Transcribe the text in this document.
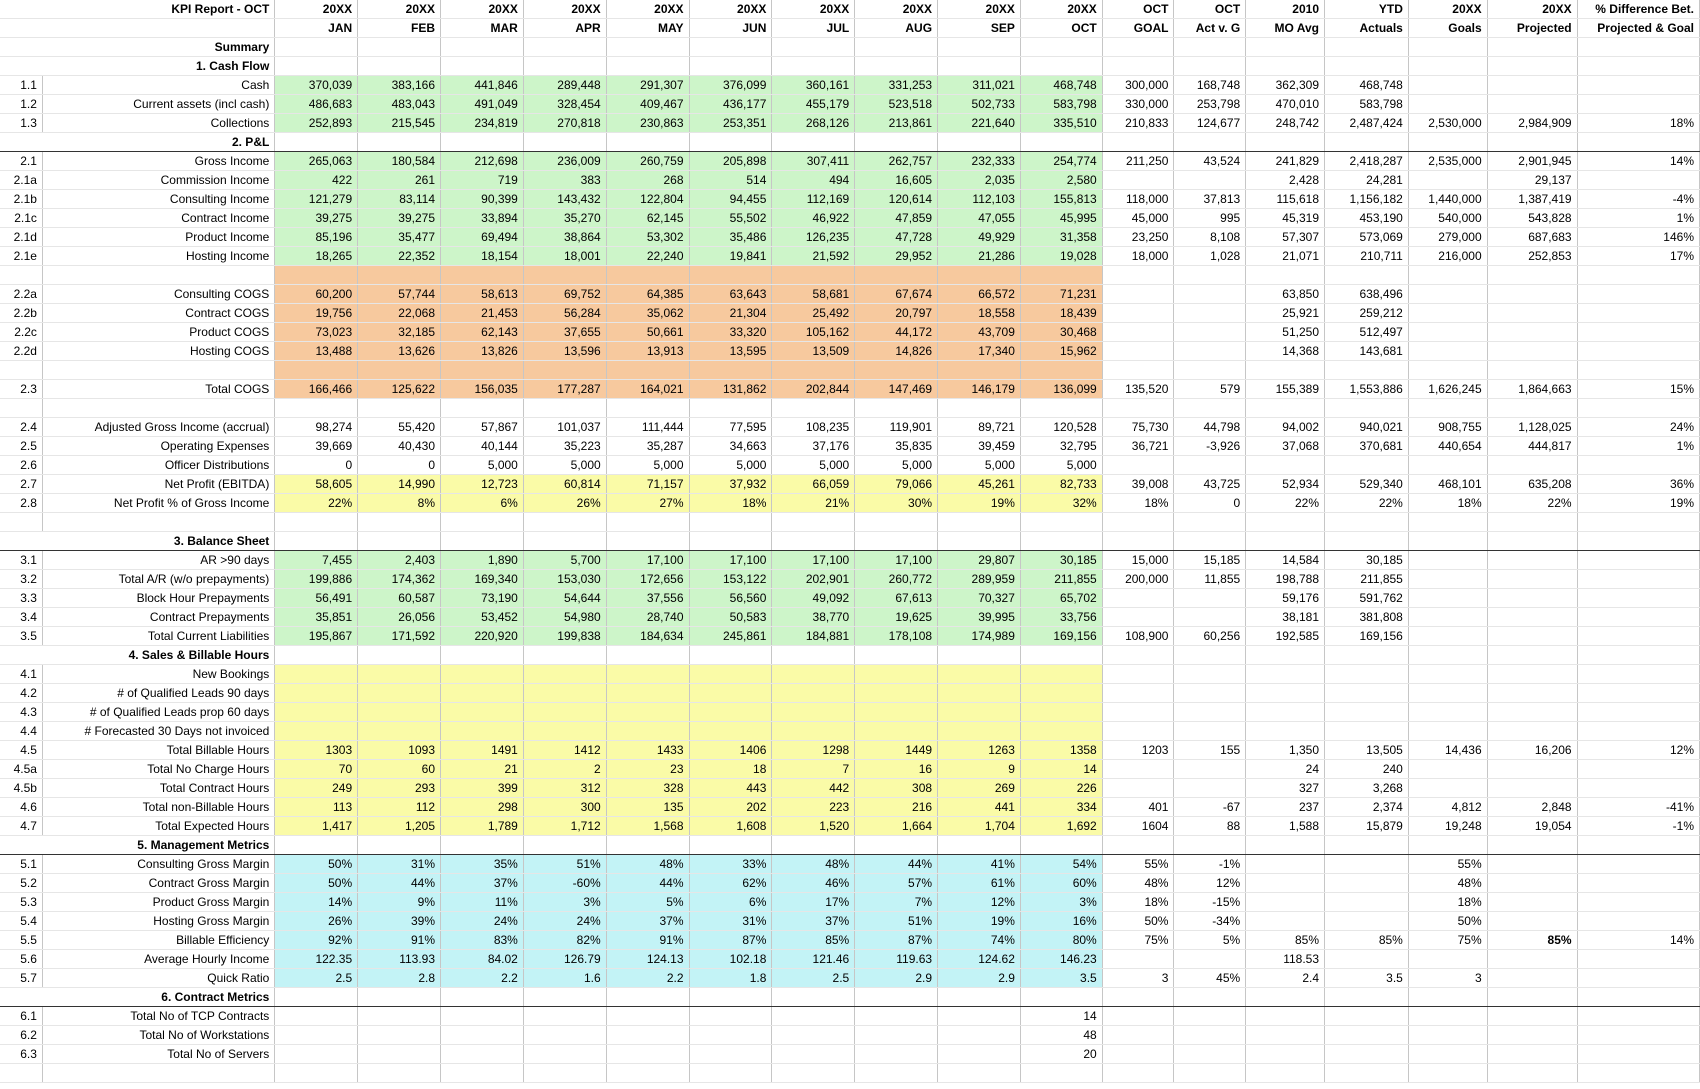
KPI Report - OCT		20XX	20XX	20XX	20XX	20XX	20XX	20XX	20XX	20XX	20XX	OCT	OCT	2010	YTD	20XX	20XX	% Difference Bet.
		JAN	FEB	MAR	APR	MAY	JUN	JUL	AUG	SEP	OCT	GOAL	Act v. G	MO Avg	Actuals	Goals	Projected	Projected & Goal
Summary																		
1. Cash Flow																		
1.1	Cash	370,039	383,166	441,846	289,448	291,307	376,099	360,161	331,253	311,021	468,748	300,000	168,748	362,309	468,748			
1.2	Current assets (incl cash)	486,683	483,043	491,049	328,454	409,467	436,177	455,179	523,518	502,733	583,798	330,000	253,798	470,010	583,798			
1.3	Collections	252,893	215,545	234,819	270,818	230,863	253,351	268,126	213,861	221,640	335,510	210,833	124,677	248,742	2,487,424	2,530,000	2,984,909	18%
2. P&L																		
2.1	Gross Income	265,063	180,584	212,698	236,009	260,759	205,898	307,411	262,757	232,333	254,774	211,250	43,524	241,829	2,418,287	2,535,000	2,901,945	14%
2.1a	Commission Income	422	261	719	383	268	514	494	16,605	2,035	2,580			2,428	24,281		29,137	
2.1b	Consulting Income	121,279	83,114	90,399	143,432	122,804	94,455	112,169	120,614	112,103	155,813	118,000	37,813	115,618	1,156,182	1,440,000	1,387,419	-4%
2.1c	Contract Income	39,275	39,275	33,894	35,270	62,145	55,502	46,922	47,859	47,055	45,995	45,000	995	45,319	453,190	540,000	543,828	1%
2.1d	Product Income	85,196	35,477	69,494	38,864	53,302	35,486	126,235	47,728	49,929	31,358	23,250	8,108	57,307	573,069	279,000	687,683	146%
2.1e	Hosting Income	18,265	22,352	18,154	18,001	22,240	19,841	21,592	29,952	21,286	19,028	18,000	1,028	21,071	210,711	216,000	252,853	17%

2.2a	Consulting COGS	60,200	57,744	58,613	69,752	64,385	63,643	58,681	67,674	66,572	71,231			63,850	638,496			
2.2b	Contract COGS	19,756	22,068	21,453	56,284	35,062	21,304	25,492	20,797	18,558	18,439			25,921	259,212			
2.2c	Product COGS	73,023	32,185	62,143	37,655	50,661	33,320	105,162	44,172	43,709	30,468			51,250	512,497			
2.2d	Hosting COGS	13,488	13,626	13,826	13,596	13,913	13,595	13,509	14,826	17,340	15,962			14,368	143,681			

2.3	Total COGS	166,466	125,622	156,035	177,287	164,021	131,862	202,844	147,469	146,179	136,099	135,520	579	155,389	1,553,886	1,626,245	1,864,663	15%

2.4	Adjusted Gross Income (accrual)	98,274	55,420	57,867	101,037	111,444	77,595	108,235	119,901	89,721	120,528	75,730	44,798	94,002	940,021	908,755	1,128,025	24%
2.5	Operating Expenses	39,669	40,430	40,144	35,223	35,287	34,663	37,176	35,835	39,459	32,795	36,721	-3,926	37,068	370,681	440,654	444,817	1%
2.6	Officer Distributions	0	0	5,000	5,000	5,000	5,000	5,000	5,000	5,000	5,000							
2.7	Net Profit (EBITDA)	58,605	14,990	12,723	60,814	71,157	37,932	66,059	79,066	45,261	82,733	39,008	43,725	52,934	529,340	468,101	635,208	36%
2.8	Net Profit % of Gross Income	22%	8%	6%	26%	27%	18%	21%	30%	19%	32%	18%	0	22%	22%	18%	22%	19%

3. Balance Sheet																		
3.1	AR >90 days	7,455	2,403	1,890	5,700	17,100	17,100	17,100	17,100	29,807	30,185	15,000	15,185	14,584	30,185			
3.2	Total A/R (w/o prepayments)	199,886	174,362	169,340	153,030	172,656	153,122	202,901	260,772	289,959	211,855	200,000	11,855	198,788	211,855			
3.3	Block Hour Prepayments	56,491	60,587	73,190	54,644	37,556	56,560	49,092	67,613	70,327	65,702			59,176	591,762			
3.4	Contract Prepayments	35,851	26,056	53,452	54,980	28,740	50,583	38,770	19,625	39,995	33,756			38,181	381,808			
3.5	Total Current Liabilities	195,867	171,592	220,920	199,838	184,634	245,861	184,881	178,108	174,989	169,156	108,900	60,256	192,585	169,156			
4. Sales & Billable Hours																		
4.1	New Bookings																	
4.2	# of Qualified Leads 90 days																	
4.3	# of Qualified Leads prop 60 days																	
4.4	# Forecasted 30 Days not invoiced																	
4.5	Total Billable Hours	1303	1093	1491	1412	1433	1406	1298	1449	1263	1358	1203	155	1,350	13,505	14,436	16,206	12%
4.5a	Total No Charge Hours	70	60	21	2	23	18	7	16	9	14			24	240			
4.5b	Total Contract Hours	249	293	399	312	328	443	442	308	269	226			327	3,268			
4.6	Total non-Billable Hours	113	112	298	300	135	202	223	216	441	334	401	-67	237	2,374	4,812	2,848	-41%
4.7	Total Expected Hours	1,417	1,205	1,789	1,712	1,568	1,608	1,520	1,664	1,704	1,692	1604	88	1,588	15,879	19,248	19,054	-1%
5. Management Metrics																		
5.1	Consulting Gross Margin	50%	31%	35%	51%	48%	33%	48%	44%	41%	54%	55%	-1%			55%		
5.2	Contract Gross Margin	50%	44%	37%	-60%	44%	62%	46%	57%	61%	60%	48%	12%			48%		
5.3	Product Gross Margin	14%	9%	11%	3%	5%	6%	17%	7%	12%	3%	18%	-15%			18%		
5.4	Hosting Gross Margin	26%	39%	24%	24%	37%	31%	37%	51%	19%	16%	50%	-34%			50%		
5.5	Billable Efficiency	92%	91%	83%	82%	91%	87%	85%	87%	74%	80%	75%	5%	85%	85%	75%	85%	14%
5.6	Average Hourly Income	122.35	113.93	84.02	126.79	124.13	102.18	121.46	119.63	124.62	146.23			118.53				
5.7	Quick Ratio	2.5	2.8	2.2	1.6	2.2	1.8	2.5	2.9	2.9	3.5	3	45%	2.4	3.5	3		
6. Contract Metrics																		
6.1	Total No of TCP Contracts										14							
6.2	Total No of Workstations										48							
6.3	Total No of Servers										20							
